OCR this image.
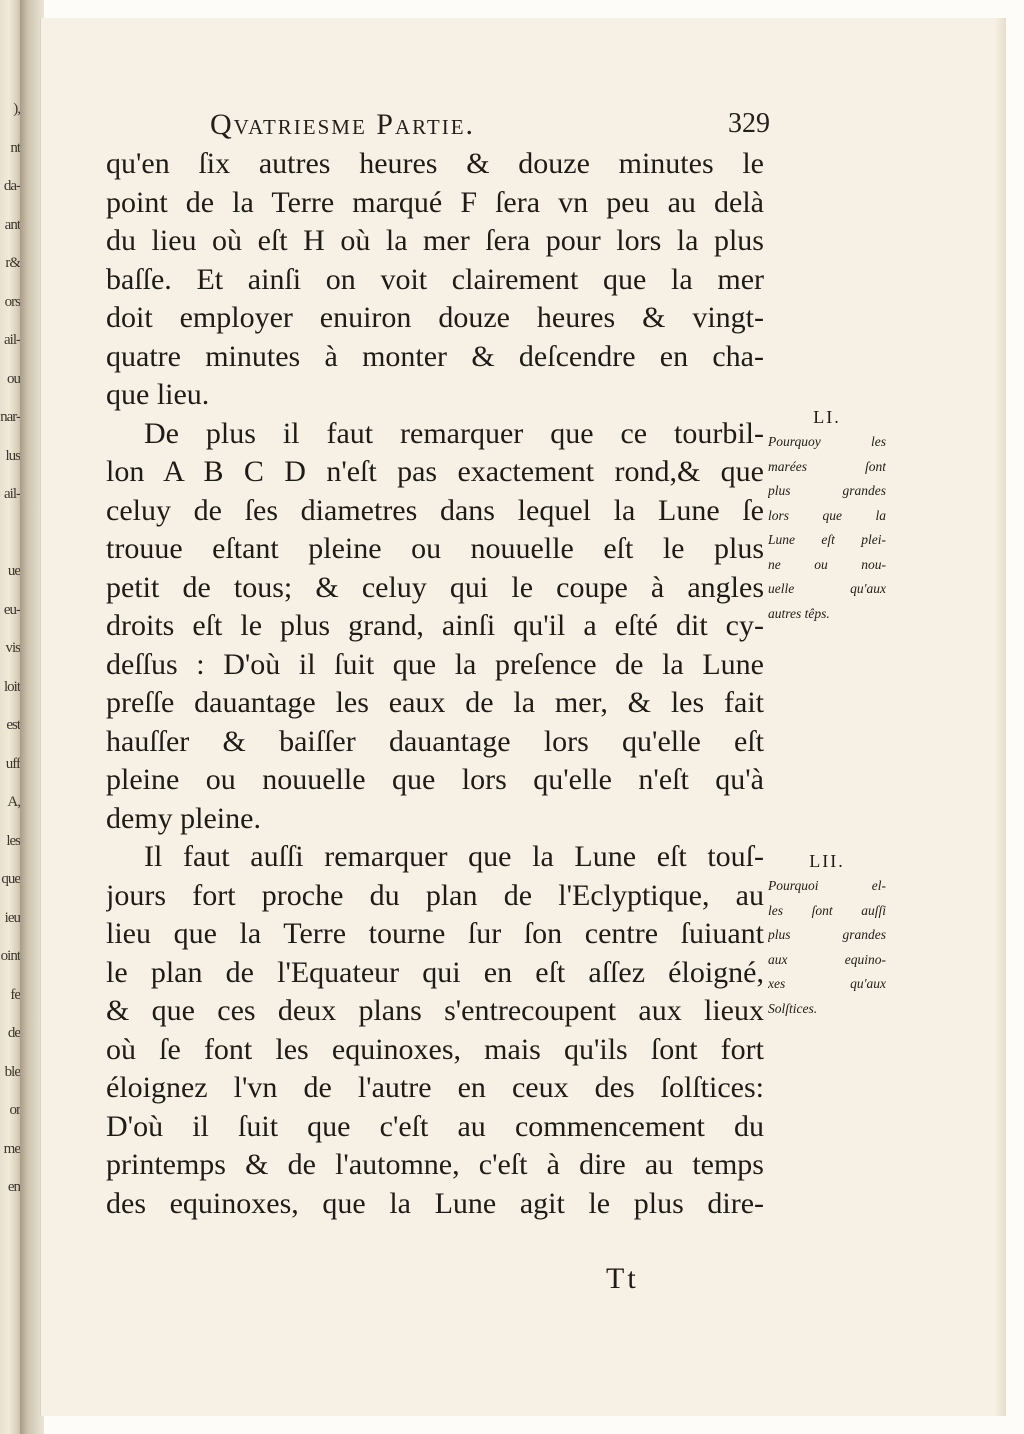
),
nt
da-
ant
r&
ors
ail-
ou
nar-
lus
ail-
ue
eu-
vis
loit
est
uff
A,
les
que
ieu
oint
fe
de
ble
or
me
en
Qvatriesme Partie.	329
qu'en ſix autres heures & douze minutes le
point de la Terre marqué F ſera vn peu au delà
du lieu où eſt H où la mer ſera pour lors la plus
baſſe. Et ainſi on voit clairement que la mer
doit employer enuiron douze heures & vingt-
quatre minutes à monter & deſcendre en cha-
que lieu.
De plus il faut remarquer que ce tourbil-
lon A B C D n'eſt pas exactement rond,& que
celuy de ſes diametres dans lequel la Lune ſe
trouue eſtant pleine ou nouuelle eſt le plus
petit de tous; & celuy qui le coupe à angles
droits eſt le plus grand, ainſi qu'il a eſté dit cy-
deſſus : D'où il ſuit que la preſence de la Lune
preſſe dauantage les eaux de la mer, & les fait
hauſſer & baiſſer dauantage lors qu'elle eſt
pleine ou nouuelle que lors qu'elle n'eſt qu'à
demy pleine.
Il faut auſſi remarquer que la Lune eſt touſ-
jours fort proche du plan de l'Eclyptique, au
lieu que la Terre tourne ſur ſon centre ſuiuant
le plan de l'Equateur qui en eſt aſſez éloigné,
& que ces deux plans s'entrecoupent aux lieux
où ſe font les equinoxes, mais qu'ils ſont fort
éloignez l'vn de l'autre en ceux des ſolſtices:
D'où il ſuit que c'eſt au commencement du
printemps & de l'automne, c'eſt à dire au temps
des equinoxes, que la Lune agit le plus dire-
Tt
LI.
Pourquoy les
marées ſont
plus grandes
lors que la
Lune eſt plei-
ne ou nou-
uelle qu'aux
autres têps.
LII.
Pourquoi el-
les ſont auſſi
plus grandes
aux equino-
xes qu'aux
Solſtices.
